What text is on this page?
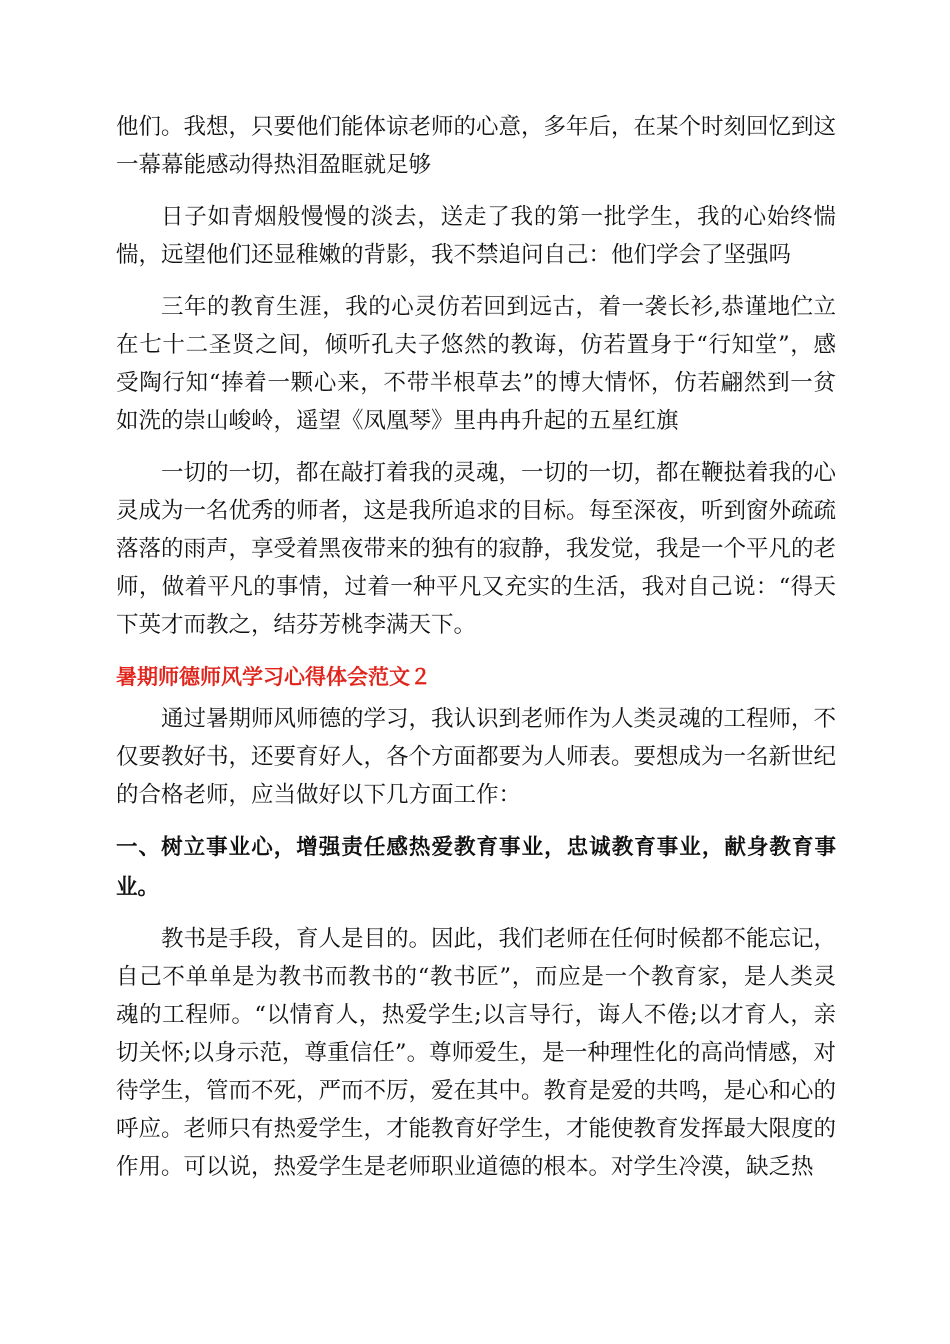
他们。我想，只要他们能体谅老师的心意，多年后，在某个时刻回忆到这一幕幕能感动得热泪盈眶就足够

日子如青烟般慢慢的淡去，送走了我的第一批学生，我的心始终惴惴，远望他们还显稚嫩的背影，我不禁追问自己：他们学会了坚强吗

三年的教育生涯，我的心灵仿若回到远古，着一袭长衫,恭谨地伫立在七十二圣贤之间，倾听孔夫子悠然的教诲，仿若置身于“行知堂”，感受陶行知“捧着一颗心来，不带半根草去”的博大情怀，仿若翩然到一贫如洗的崇山峻岭，遥望《凤凰琴》里冉冉升起的五星红旗

一切的一切，都在敲打着我的灵魂，一切的一切，都在鞭挞着我的心灵成为一名优秀的师者，这是我所追求的目标。每至深夜，听到窗外疏疏落落的雨声，享受着黑夜带来的独有的寂静，我发觉，我是一个平凡的老师，做着平凡的事情，过着一种平凡又充实的生活，我对自己说：“得天下英才而教之，结芬芳桃李满天下。

暑期师德师风学习心得体会范文２

通过暑期师风师德的学习，我认识到老师作为人类灵魂的工程师，不仅要教好书，还要育好人，各个方面都要为人师表。要想成为一名新世纪的合格老师，应当做好以下几方面工作：

一、树立事业心，增强责任感热爱教育事业，忠诚教育事业，献身教育事业。

教书是手段，育人是目的。因此，我们老师在任何时候都不能忘记，自己不单单是为教书而教书的“教书匠”，而应是一个教育家，是人类灵魂的工程师。“以情育人，热爱学生;以言导行，诲人不倦;以才育人，亲切关怀;以身示范，尊重信任”。尊师爱生，是一种理性化的高尚情感，对待学生，管而不死，严而不厉，爱在其中。教育是爱的共鸣，是心和心的呼应。老师只有热爱学生，才能教育好学生，才能使教育发挥最大限度的作用。可以说，热爱学生是老师职业道德的根本。对学生冷漠，缺乏热
